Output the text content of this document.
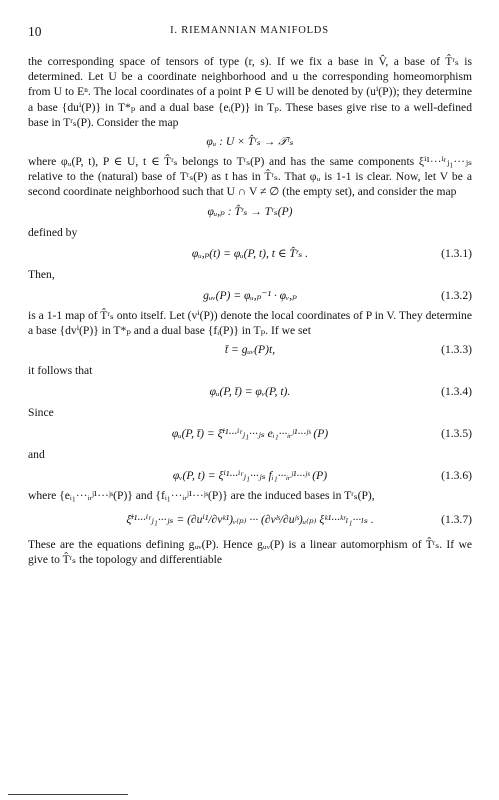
10	I. RIEMANNIAN MANIFOLDS

the corresponding space of tensors of type (r, s). If we fix a base in V̂, a base of T̂ʳₛ is determined. Let U be a coordinate neighborhood and u the corresponding homeomorphism from U to Eⁿ. The local coordinates of a point P ∈ U will be denoted by (uⁱ(P)); they determine a base {duⁱ(P)} in T*ₚ and a dual base {eᵢ(P)} in Tₚ. These bases give rise to a well-defined base in Tʳₛ(P). Consider the map

φᵤ : U × T̂ʳₛ → 𝒯ʳₛ

where φᵤ(P, t), P ∈ U, t ∈ T̂ʳₛ belongs to Tʳₛ(P) and has the same components ξⁱ¹···ⁱʳⱼ₁···ⱼₛ relative to the (natural) base of Tʳₛ(P) as t has in T̂ʳₛ. That φᵤ is 1-1 is clear. Now, let V be a second coordinate neighborhood such that U ∩ V ≠ ∅ (the empty set), and consider the map

φᵤ,ₚ : T̂ʳₛ → Tʳₛ(P)

defined by

φᵤ,ₚ(t) = φᵤ(P, t), t ∈ T̂ʳₛ .	(1.3.1)

Then,

gᵤᵥ(P) = φᵤ,ₚ⁻¹ · φᵥ,ₚ	(1.3.2)

is a 1-1 map of T̂ʳₛ onto itself. Let (vⁱ(P)) denote the local coordinates of P in V. They determine a base {dvⁱ(P)} in T*ₚ and a dual base {fᵢ(P)} in Tₚ. If we set

t̄ = gᵤᵥ(P)t,	(1.3.3)

it follows that

φᵤ(P, t̄) = φᵥ(P, t).	(1.3.4)

Since

φᵤ(P, t̄) = ξ̄ⁱ¹···ⁱʳⱼ₁···ⱼₛ eᵢ₁···ᵢᵣʲ¹···ʲˢ (P)	(1.3.5)

and

φᵥ(P, t) = ξⁱ¹···ⁱʳⱼ₁···ⱼₛ fᵢ₁···ᵢᵣʲ¹···ʲˢ (P)	(1.3.6)

where {eᵢ₁···ᵢᵣʲ¹···ʲˢ(P)} and {fᵢ₁···ᵢᵣʲ¹···ʲˢ(P)} are the induced bases in Tʳₛ(P),

ξ̄ⁱ¹···ⁱʳⱼ₁···ⱼₛ = (∂uⁱ¹/∂vᵏ¹)ᵥ₍ₚ₎ ··· (∂vˡˢ/∂uʲˢ)ᵤ₍ₚ₎ ξᵏ¹···ᵏʳₗ₁···ₗₛ .	(1.3.7)

These are the equations defining gᵤᵥ(P). Hence gᵤᵥ(P) is a linear automorphism of T̂ʳₛ. If we give to T̂ʳₛ the topology and differentiable
